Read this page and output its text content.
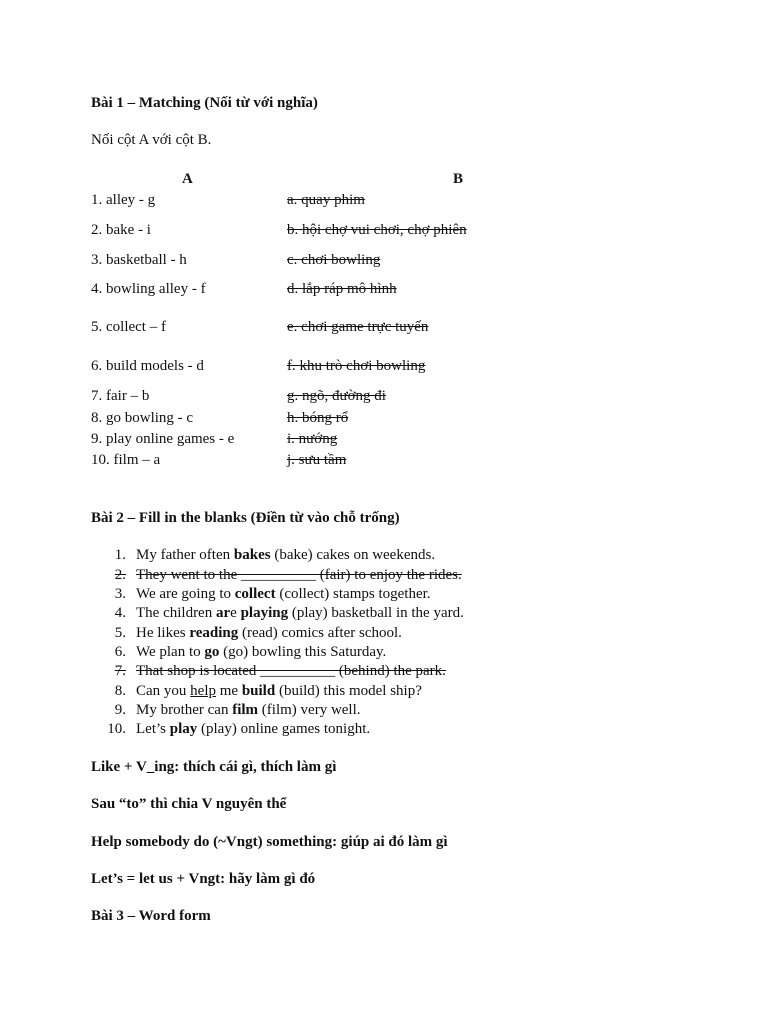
Bài 1 – Matching (Nối từ với nghĩa)
Nối cột A với cột B.
A	B
1. alley - g
2. bake - i
3. basketball - h
4. bowling alley - f
5. collect – f
6. build models - d
7. fair – b
8. go bowling - c
9. play online games - e
10. film – a
a. quay phim
b. hội chợ vui chơi, chợ phiên
c. chơi bowling
d. lắp ráp mô hình
e. chơi game trực tuyến
f. khu trò chơi bowling
g. ngõ, đường đi
h. bóng rổ
i. nướng
j. sưu tầm
Bài 2 – Fill in the blanks (Điền từ vào chỗ trống)
1. My father often bakes (bake) cakes on weekends.
2. They went to the __________ (fair) to enjoy the rides.
3. We are going to collect (collect) stamps together.
4. The children are playing (play) basketball in the yard.
5. He likes reading (read) comics after school.
6. We plan to go (go) bowling this Saturday.
7. That shop is located __________ (behind) the park.
8. Can you help me build (build) this model ship?
9. My brother can film (film) very well.
10. Let’s play (play) online games tonight.
Like + V_ing: thích cái gì, thích làm gì
Sau “to” thì chia V nguyên thể
Help somebody do (~Vngt) something: giúp ai đó làm gì
Let’s = let us + Vngt: hãy làm gì đó
Bài 3 – Word form
